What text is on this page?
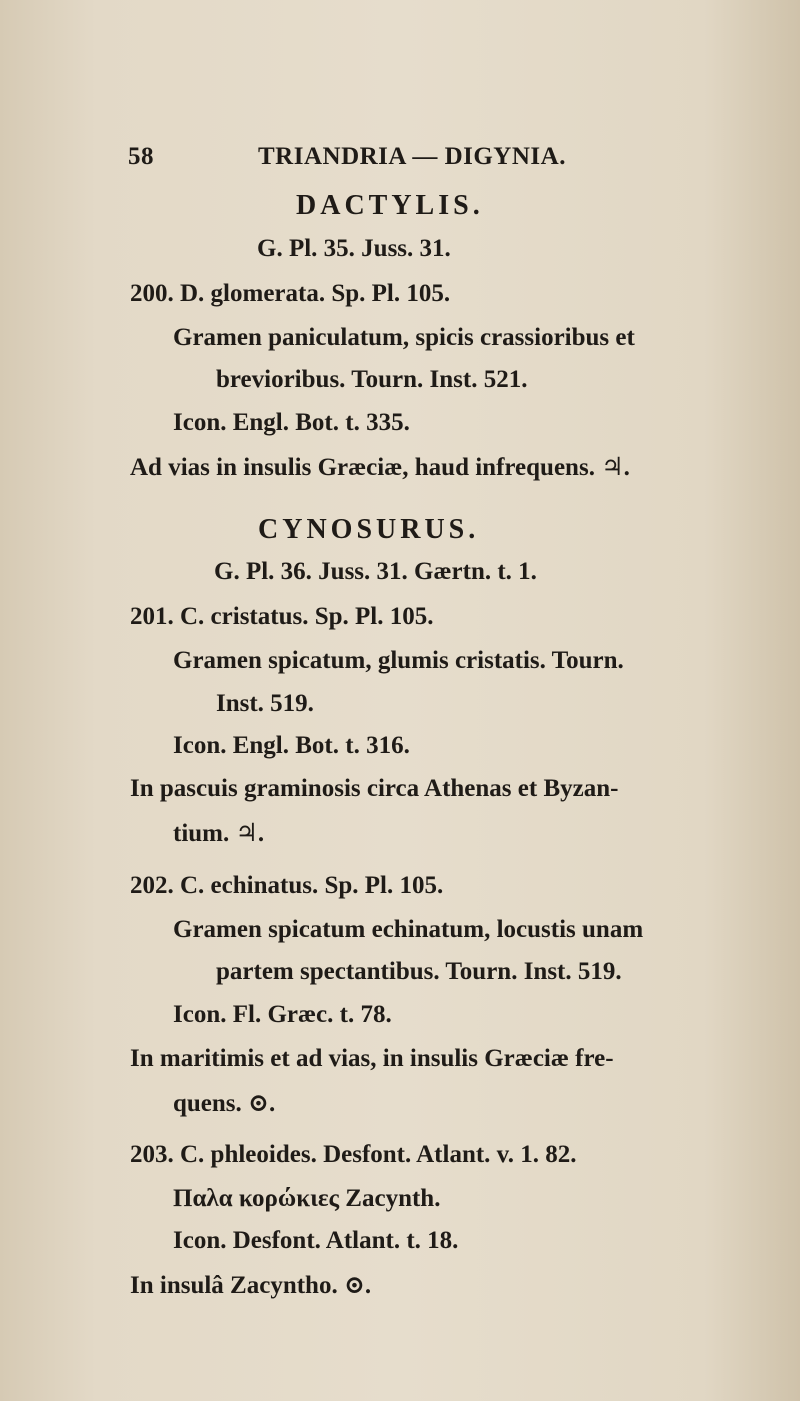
58	TRIANDRIA — DIGYNIA.
DACTYLIS.
G. Pl. 35. Juss. 31.
200. D. glomerata. Sp. Pl. 105.
Gramen paniculatum, spicis crassioribus et
brevioribus. Tourn. Inst. 521.
Icon. Engl. Bot. t. 335.
Ad vias in insulis Græciæ, haud infrequens. ♃.
CYNOSURUS.
G. Pl. 36. Juss. 31. Gærtn. t. 1.
201. C. cristatus. Sp. Pl. 105.
Gramen spicatum, glumis cristatis. Tourn.
Inst. 519.
Icon. Engl. Bot. t. 316.
In pascuis graminosis circa Athenas et Byzan-
tium. ♃.
202. C. echinatus. Sp. Pl. 105.
Gramen spicatum echinatum, locustis unam
partem spectantibus. Tourn. Inst. 519.
Icon. Fl. Græc. t. 78.
In maritimis et ad vias, in insulis Græciæ fre-
quens. ⊙.
203. C. phleoides. Desfont. Atlant. v. 1. 82.
Παλα κορώκιες Zacynth.
Icon. Desfont. Atlant. t. 18.
In insulâ Zacyntho. ⊙.
